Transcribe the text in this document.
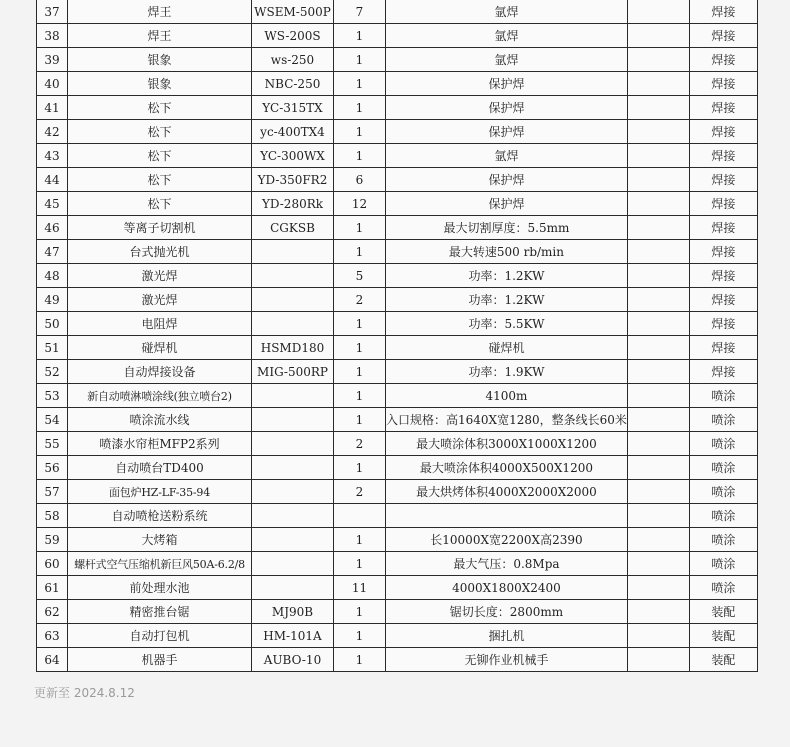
37	焊王	WSEM-500P	7	氩焊		焊接
38	焊王	WS-200S	1	氩焊		焊接
39	银象	ws-250	1	氩焊		焊接
40	银象	NBC-250	1	保护焊		焊接
41	松下	YC-315TX	1	保护焊		焊接
42	松下	yc-400TX4	1	保护焊		焊接
43	松下	YC-300WX	1	氩焊		焊接
44	松下	YD-350FR2	6	保护焊		焊接
45	松下	YD-280Rk	12	保护焊		焊接
46	等离子切割机	CGKSB	1	最大切割厚度：5.5mm		焊接
47	台式抛光机		1	最大转速500 rb/min		焊接
48	激光焊		5	功率：1.2KW		焊接
49	激光焊		2	功率：1.2KW		焊接
50	电阻焊		1	功率：5.5KW		焊接
51	碰焊机	HSMD180	1	碰焊机		焊接
52	自动焊接设备	MIG-500RP	1	功率：1.9KW		焊接
53	新自动喷淋喷涂线(独立喷台2)		1	4100m		喷涂
54	喷涂流水线		1	入口规格：高1640X宽1280，整条线长60米		喷涂
55	喷漆水帘柜MFP2系列		2	最大喷涂体积3000X1000X1200		喷涂
56	自动喷台TD400		1	最大喷涂体积4000X500X1200		喷涂
57	面包炉HZ-LF-35-94		2	最大烘烤体积4000X2000X2000		喷涂
58	自动喷枪送粉系统					喷涂
59	大烤箱		1	长10000X宽2200X高2390		喷涂
60	螺杆式空气压缩机新巨风50A-6.2/8		1	最大气压：0.8Mpa		喷涂
61	前处理水池		11	4000X1800X2400		喷涂
62	精密推台锯	MJ90B	1	锯切长度：2800mm		装配
63	自动打包机	HM-101A	1	捆扎机		装配
64	机器手	AUBO-10	1	无铆作业机械手		装配
更新至 2024.8.12
